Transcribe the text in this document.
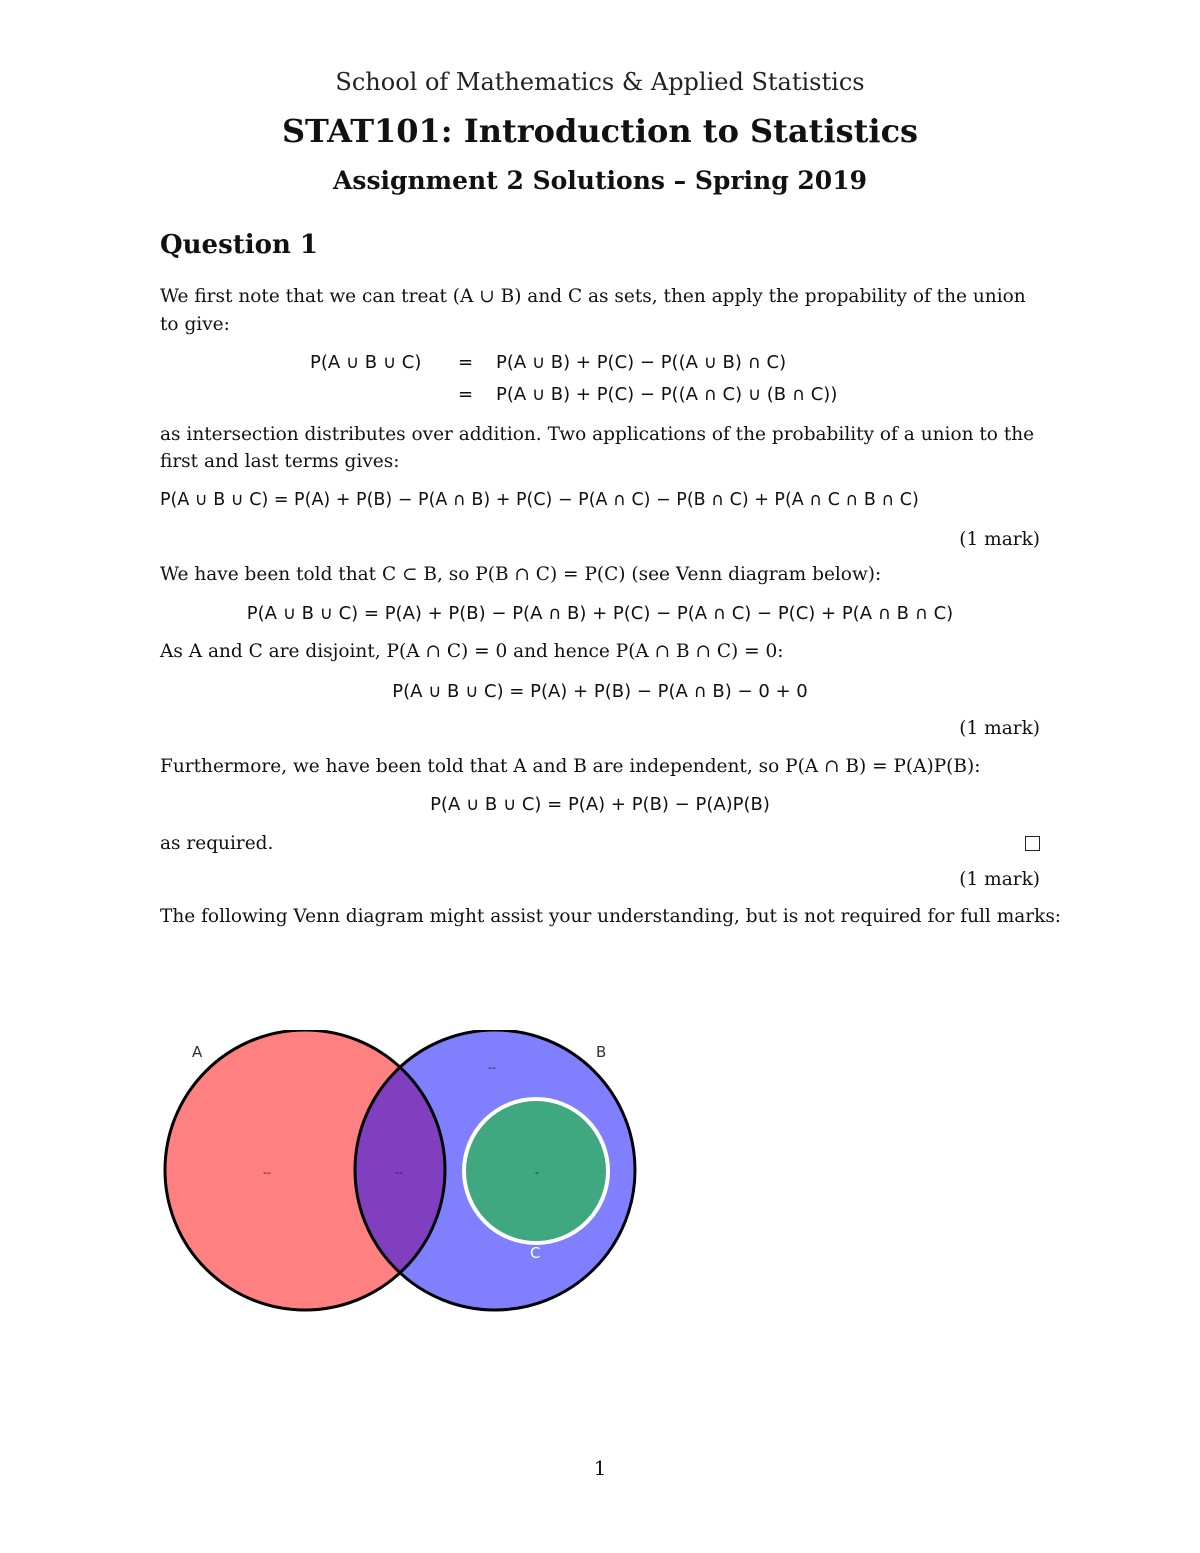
School of Mathematics & Applied Statistics
STAT101: Introduction to Statistics
Assignment 2 Solutions – Spring 2019
Question 1
We first note that we can treat (A ∪ B) and C as sets, then apply the propability of the union
to give:
P(A ∪ B ∪ C) = P(A ∪ B) + P(C) − P((A ∪ B) ∩ C)
= P(A ∪ B) + P(C) − P((A ∩ C) ∪ (B ∩ C))
as intersection distributes over addition. Two applications of the probability of a union to the
first and last terms gives:
P(A ∪ B ∪ C) = P(A) + P(B) − P(A ∩ B) + P(C) − P(A ∩ C) − P(B ∩ C) + P(A ∩ C ∩ B ∩ C)
(1 mark)
We have been told that C ⊂ B, so P(B ∩ C) = P(C) (see Venn diagram below):
P(A ∪ B ∪ C) = P(A) + P(B) − P(A ∩ B) + P(C) − P(A ∩ C) − P(C) + P(A ∩ B ∩ C)
As A and C are disjoint, P(A ∩ C) = 0 and hence P(A ∩ B ∩ C) = 0:
P(A ∪ B ∪ C) = P(A) + P(B) − P(A ∩ B) − 0 + 0
(1 mark)
Furthermore, we have been told that A and B are independent, so P(A ∩ B) = P(A)P(B):
P(A ∪ B ∪ C) = P(A) + P(B) − P(A)P(B)
as required.
(1 mark)
The following Venn diagram might assist your understanding, but is not required for full marks:
A	B
C
--
--	--	-
1
